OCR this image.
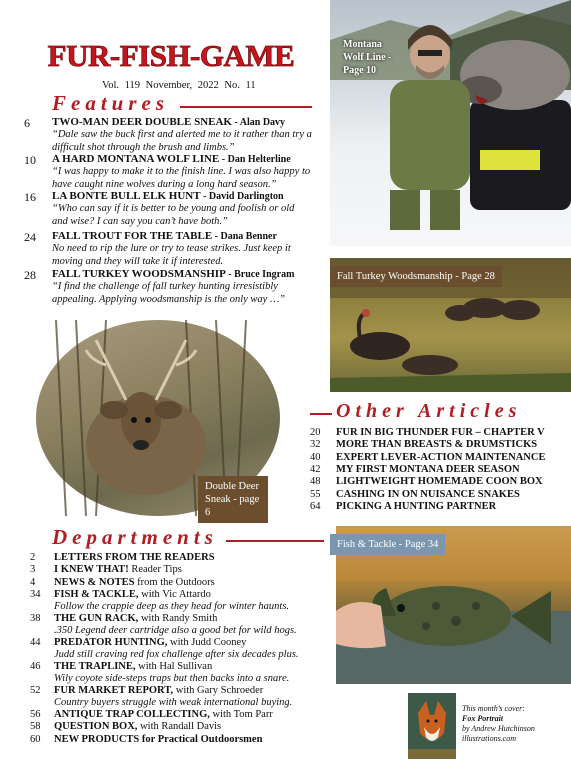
FUR-FISH-GAME
Vol. 119 November, 2022 No. 11
Features
6	TWO-MAN DEER DOUBLE SNEAK - Alan Davy
“Dale saw the buck first and alerted me to it rather than try a difficult shot through the brush and limbs.”
10	A HARD MONTANA WOLF LINE - Dan Helterline
“I was happy to make it to the finish line. I was also happy to have caught nine wolves during a long hard season.”
16	LA BONTE BULL ELK HUNT - David Darlington
“Who can say if it is better to be young and foolish or old and wise? I can say you can’t have both.”
24	FALL TROUT FOR THE TABLE - Dana Benner
No need to rip the lure or try to tease strikes. Just keep it moving and they will take it if interested.
28	FALL TURKEY WOODSMANSHIP - Bruce Ingram
“I find the challenge of fall turkey hunting irresistibly appealing. Applying woodsmanship is the only way …”
Montana Wolf Line - Page 10
Fall Turkey Woodsmanship - Page 28
Double Deer Sneak - page 6
Other Articles
20 FUR IN BIG THUNDER FUR – CHAPTER V
32 MORE THAN BREASTS & DRUMSTICKS
40 EXPERT LEVER-ACTION MAINTENANCE
42 MY FIRST MONTANA DEER SEASON
48 LIGHTWEIGHT HOMEMADE COON BOX
55 CASHING IN ON NUISANCE SNAKES
64 PICKING A HUNTING PARTNER
Fish & Tackle - Page 34
Departments
2	LETTERS FROM THE READERS
3	I KNEW THAT! Reader Tips
4	NEWS & NOTES from the Outdoors
34	FISH & TACKLE, with Vic Attardo
Follow the crappie deep as they head for winter haunts.
38	THE GUN RACK, with Randy Smith
.350 Legend deer cartridge also a good bet for wild hogs.
44	PREDATOR HUNTING, with Judd Cooney
Judd still craving red fox challenge after six decades plus.
46	THE TRAPLINE, with Hal Sullivan
Wily coyote side-steps traps but then backs into a snare.
52	FUR MARKET REPORT, with Gary Schroeder
Country buyers struggle with weak international buying.
56	ANTIQUE TRAP COLLECTING, with Tom Parr
58	QUESTION BOX, with Randall Davis
60	NEW PRODUCTS for Practical Outdoorsmen
This month’s cover:
Fox Portrait
by Andrew Hutchinson
illustrations.com
